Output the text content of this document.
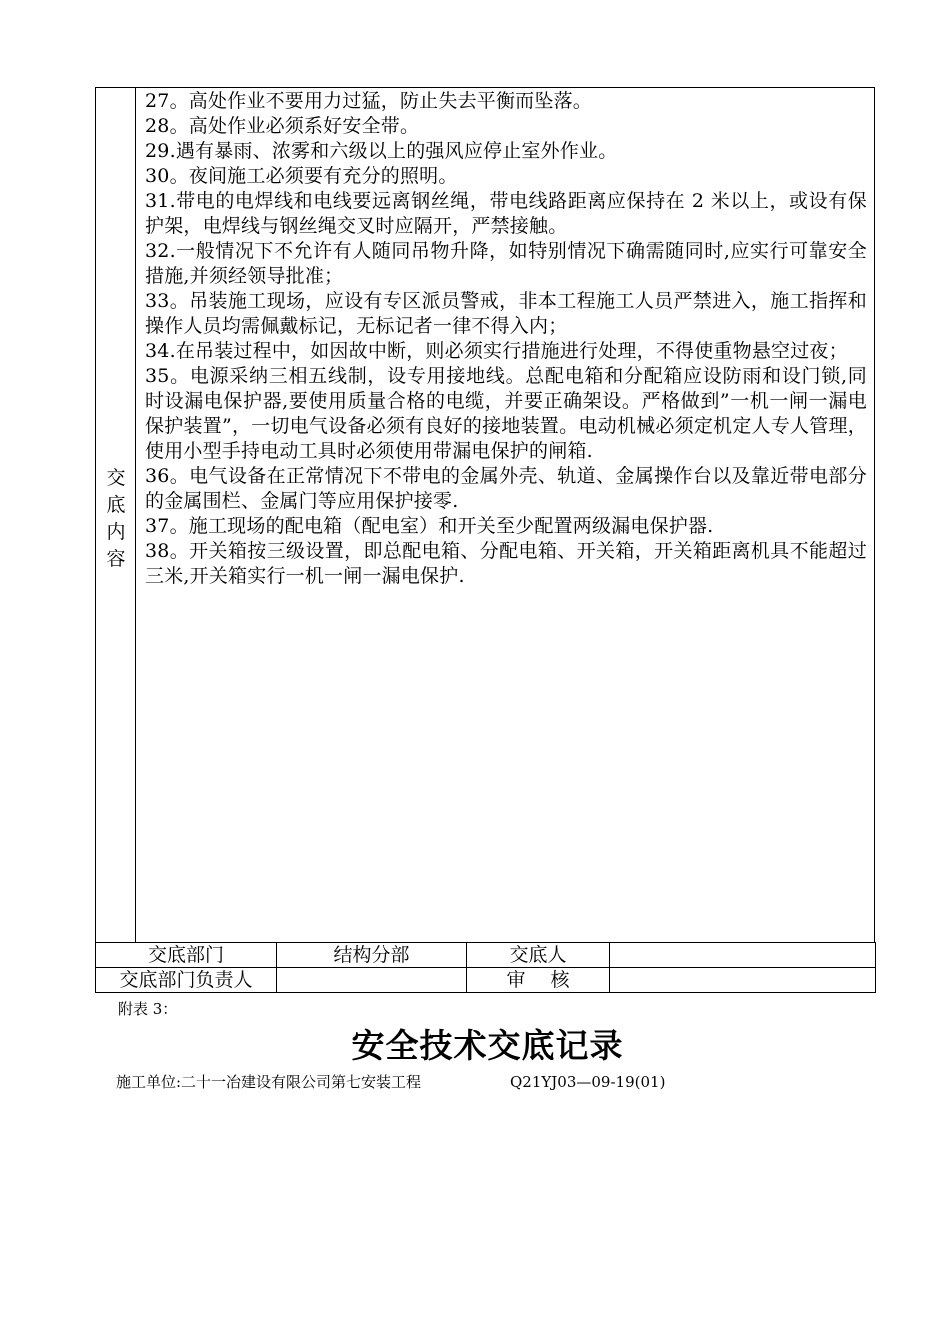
交
底
内
容
27。高处作业不要用力过猛，防止失去平衡而坠落。
28。高处作业必须系好安全带。
29.遇有暴雨、浓雾和六级以上的强风应停止室外作业。
30。夜间施工必须要有充分的照明。
31.带电的电焊线和电线要远离钢丝绳，带电线路距离应保持在 2 米以上，或设有保护架，电焊线与钢丝绳交叉时应隔开，严禁接触。
32.一般情况下不允许有人随同吊物升降，如特别情况下确需随同时,应实行可靠安全措施,并须经领导批准；
33。吊装施工现场，应设有专区派员警戒，非本工程施工人员严禁进入，施工指挥和操作人员均需佩戴标记，无标记者一律不得入内；
34.在吊装过程中，如因故中断，则必须实行措施进行处理，不得使重物悬空过夜；
35。电源采纳三相五线制，设专用接地线。总配电箱和分配箱应设防雨和设门锁,同时设漏电保护器,要使用质量合格的电缆，并要正确架设。严格做到”一机一闸一漏电保护装置”，一切电气设备必须有良好的接地装置。电动机械必须定机定人专人管理，使用小型手持电动工具时必须使用带漏电保护的闸箱.
36。电气设备在正常情况下不带电的金属外壳、轨道、金属操作台以及靠近带电部分的金属围栏、金属门等应用保护接零.
37。施工现场的配电箱（配电室）和开关至少配置两级漏电保护器.
38。开关箱按三级设置，即总配电箱、分配电箱、开关箱，开关箱距离机具不能超过三米,开关箱实行一机一闸一漏电保护.
交底部门	结构分部	交底人	
交底部门负责人		审　 核	
附表 3：
安全技术交底记录
施工单位:二十一冶建设有限公司第七安装工程	Q21YJ03—09-19(01)
